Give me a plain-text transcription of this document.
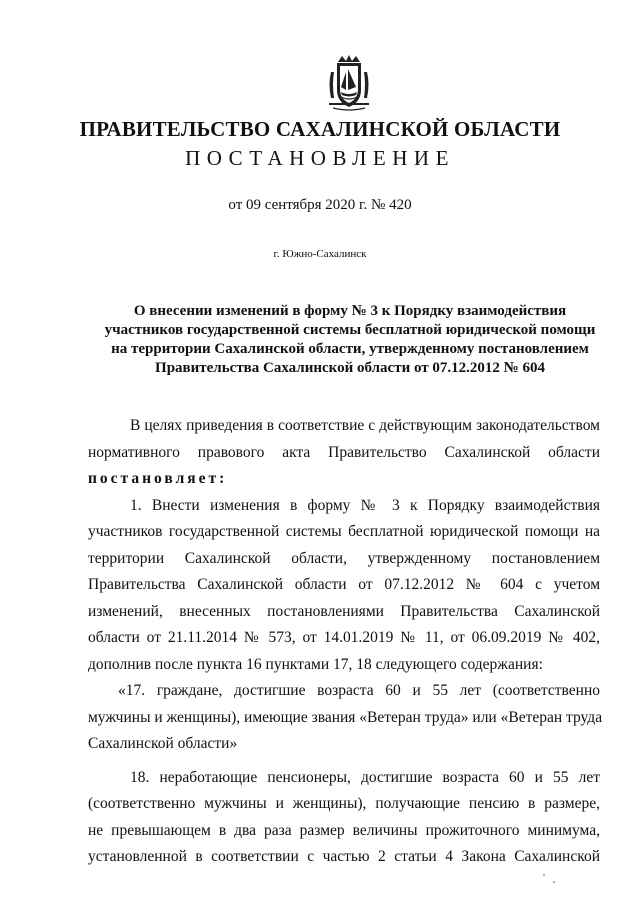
ПРАВИТЕЛЬСТВО САХАЛИНСКОЙ ОБЛАСТИ
ПОСТАНОВЛЕНИЕ
от 09 сентября 2020 г. № 420
г. Южно-Сахалинск
О внесении изменений в форму № 3 к Порядку взаимодействия
участников государственной системы бесплатной юридической помощи
на территории Сахалинской области, утвержденному постановлением
Правительства Сахалинской области от 07.12.2012 № 604
В целях приведения в соответствие с действующим законодательством
нормативного правового акта Правительство Сахалинской области
постановляет:
1. Внести изменения в форму № 3 к Порядку взаимодействия
участников государственной системы бесплатной юридической помощи на
территории Сахалинской области, утвержденному постановлением
Правительства Сахалинской области от 07.12.2012 № 604 с учетом
изменений, внесенных постановлениями Правительства Сахалинской
области от 21.11.2014 № 573, от 14.01.2019 № 11, от 06.09.2019 № 402,
дополнив после пункта 16 пунктами 17, 18 следующего содержания:
«17. граждане, достигшие возраста 60 и 55 лет (соответственно
мужчины и женщины), имеющие звания «Ветеран труда» или «Ветеран труда
Сахалинской области»
18. неработающие пенсионеры, достигшие возраста 60 и 55 лет
(соответственно мужчины и женщины), получающие пенсию в размере,
не превышающем в два раза размер величины прожиточного минимума,
установленной в соответствии с частью 2 статьи 4 Закона Сахалинской
